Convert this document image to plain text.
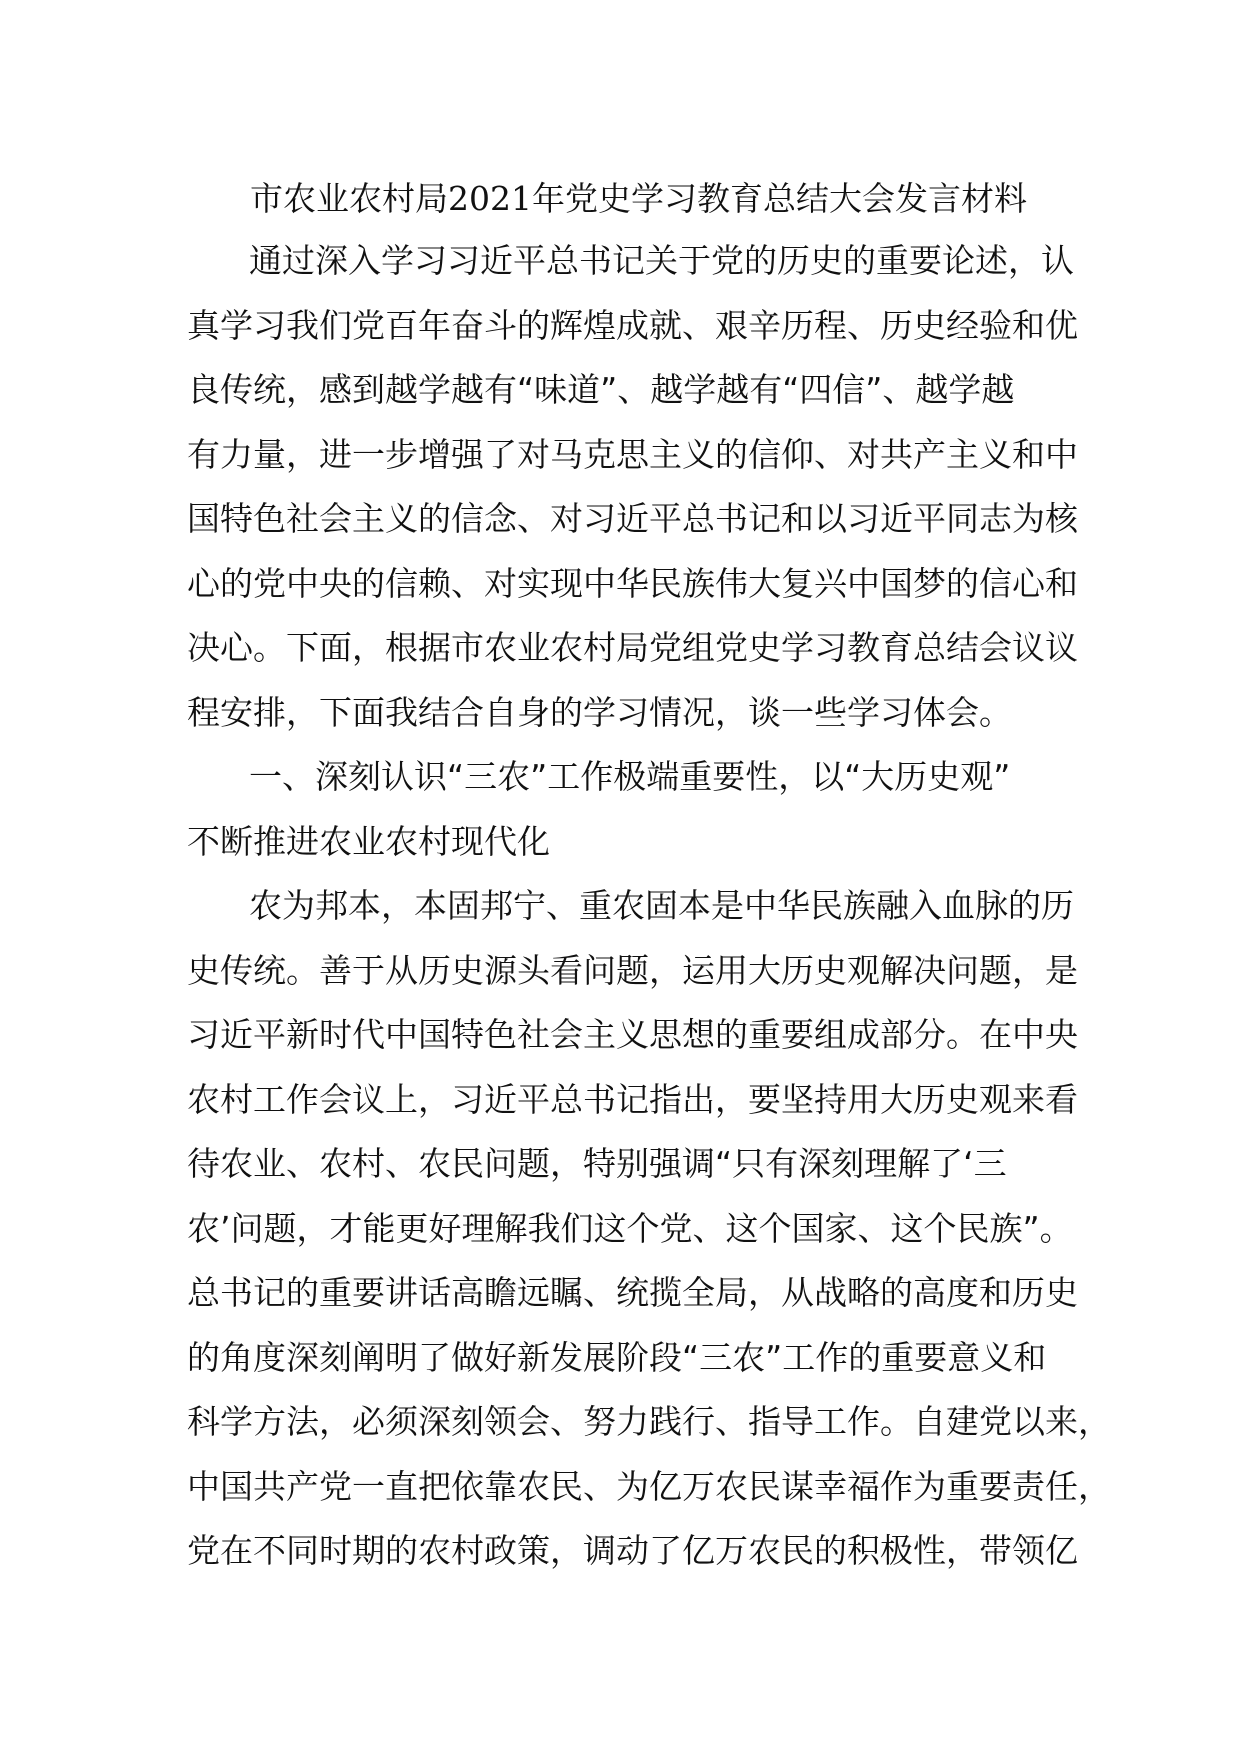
市农业农村局2021年党史学习教育总结大会发言材料

通过深入学习习近平总书记关于党的历史的重要论述，认
真学习我们党百年奋斗的辉煌成就、艰辛历程、历史经验和优
良传统，感到越学越有“味道”、越学越有“四信”、越学越
有力量，进一步增强了对马克思主义的信仰、对共产主义和中
国特色社会主义的信念、对习近平总书记和以习近平同志为核
心的党中央的信赖、对实现中华民族伟大复兴中国梦的信心和
决心。下面，根据市农业农村局党组党史学习教育总结会议议
程安排，下面我结合自身的学习情况，谈一些学习体会。

一、深刻认识“三农”工作极端重要性，以“大历史观”
不断推进农业农村现代化

农为邦本，本固邦宁、重农固本是中华民族融入血脉的历
史传统。善于从历史源头看问题，运用大历史观解决问题，是
习近平新时代中国特色社会主义思想的重要组成部分。在中央
农村工作会议上，习近平总书记指出，要坚持用大历史观来看
待农业、农村、农民问题，特别强调“只有深刻理解了‘三
农’问题，才能更好理解我们这个党、这个国家、这个民族”。
总书记的重要讲话高瞻远瞩、统揽全局，从战略的高度和历史
的角度深刻阐明了做好新发展阶段“三农”工作的重要意义和
科学方法，必须深刻领会、努力践行、指导工作。自建党以来，
中国共产党一直把依靠农民、为亿万农民谋幸福作为重要责任，
党在不同时期的农村政策，调动了亿万农民的积极性，带领亿
